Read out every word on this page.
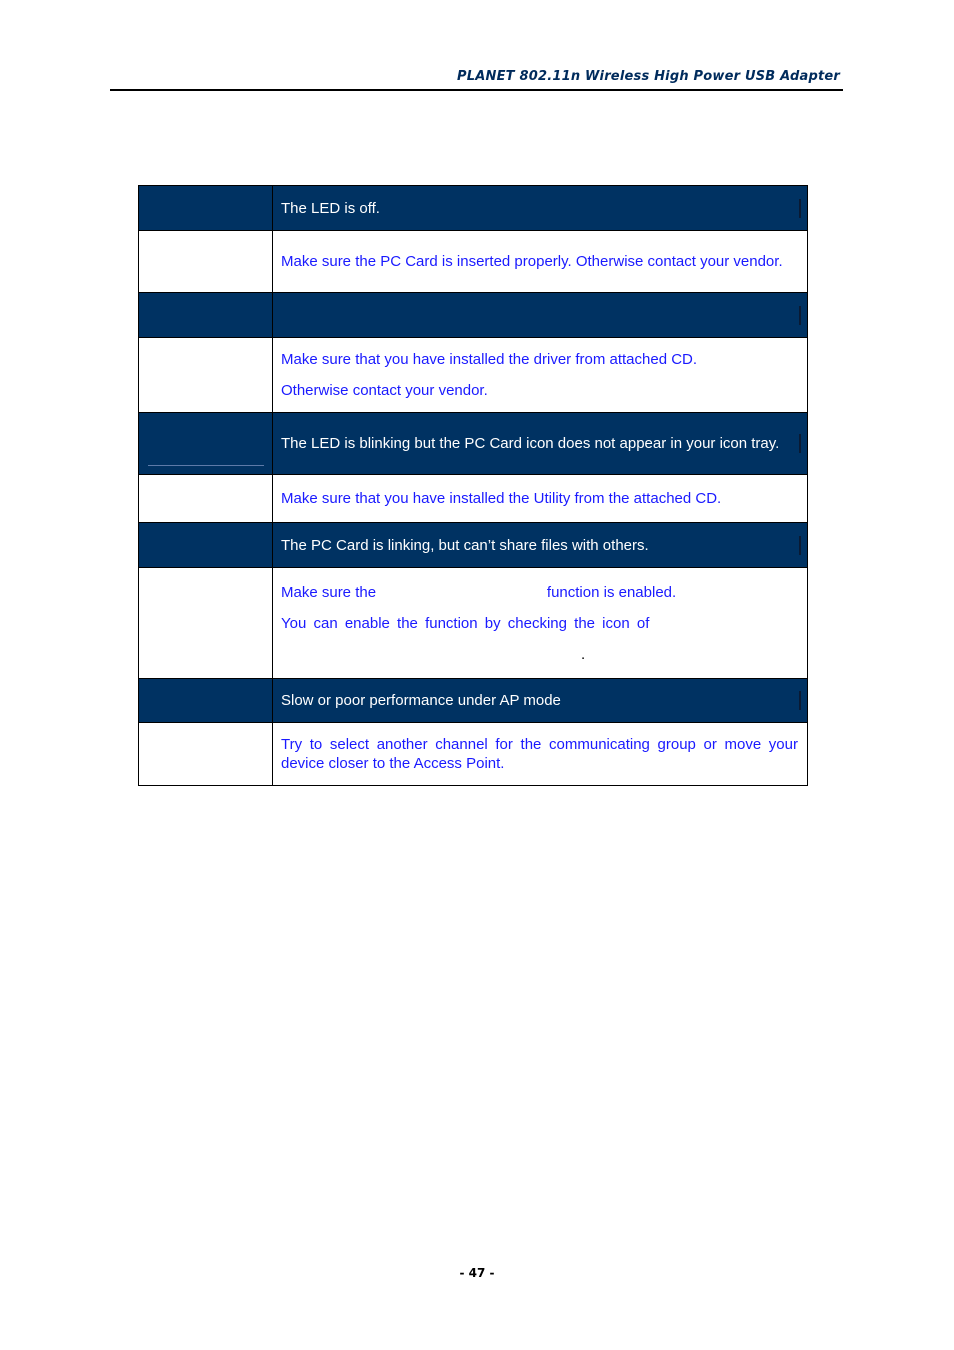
PLANET 802.11n Wireless High Power USB Adapter

	The LED is off.

	Make sure the PC Card is inserted properly. Otherwise contact your vendor.

	Make sure that you have installed the driver from attached CD.

Otherwise contact your vendor.

	The LED is blinking but the PC Card icon does not appear in your icon tray.

	Make sure that you have installed the Utility from the attached CD.

	The PC Card is linking, but can’t share files with others.

	Make sure the                                         function is enabled.

You can enable the function by checking the icon of

.

	Slow or poor performance under AP mode

	Try to select another channel for the communicating group or move your device closer to the Access Point.

- 47 -
